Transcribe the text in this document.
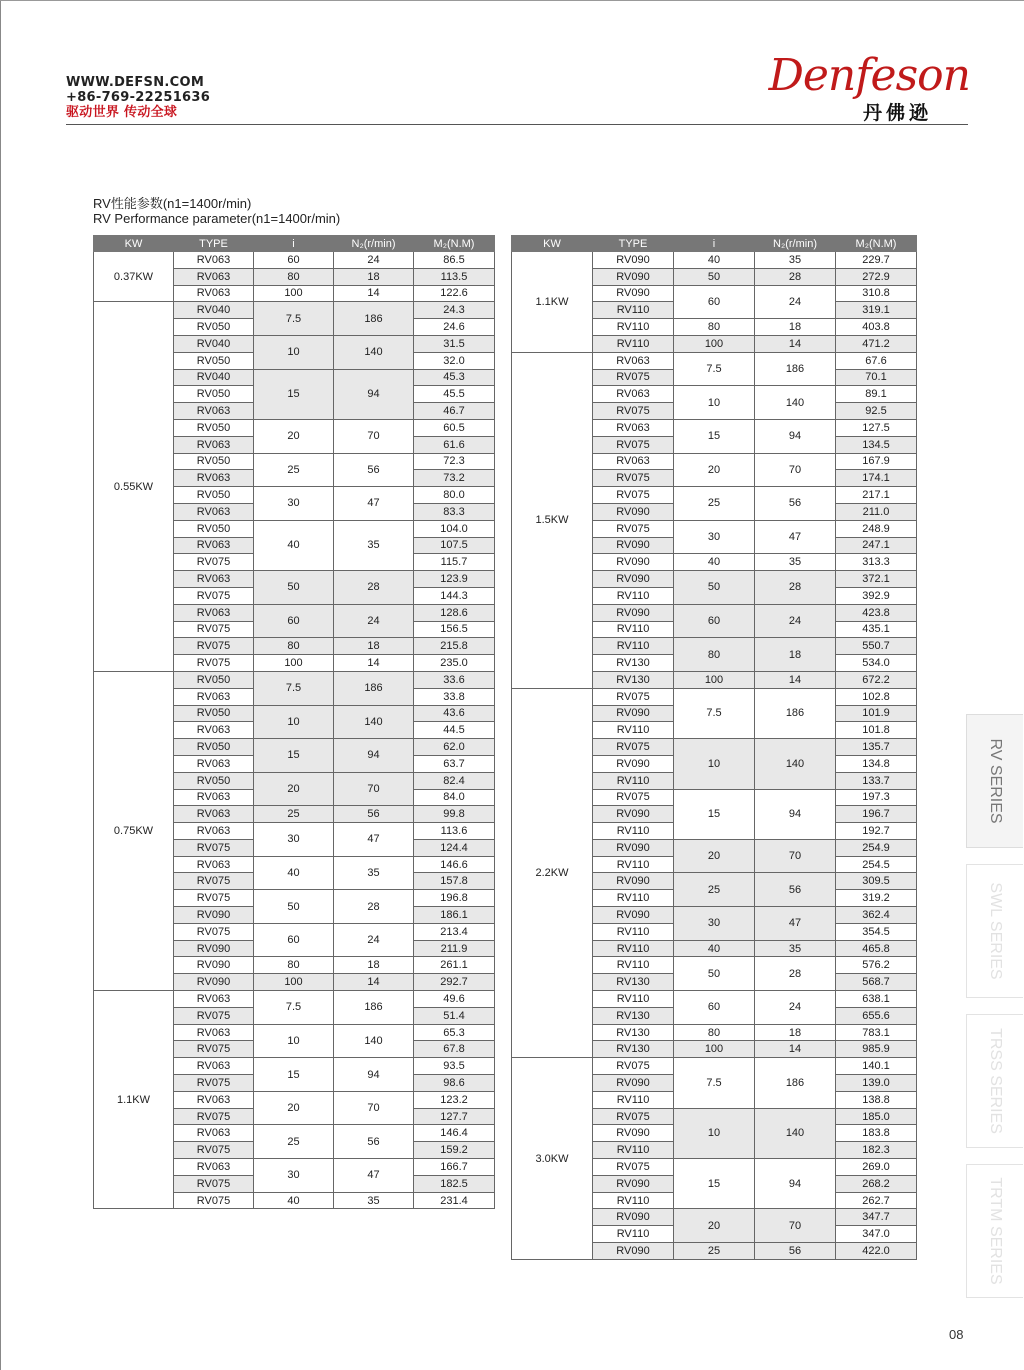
WWW.DEFSN.COM
+86-769-22251636
驱动世界 传动全球
Denfeson
丹佛逊
RV性能参数(n1=1400r/min)
RV Performance parameter(n1=1400r/min)
KW	TYPE	i	N₂(r/min)	M₂(N.M)
0.37KW	RV063	60	24	86.5
	RV063	80	18	113.5
	RV063	100	14	122.6
0.55KW	RV040	7.5	186	24.3
	RV050			24.6
	RV040	10	140	31.5
	RV050			32.0
	RV040	15	94	45.3
	RV050			45.5
	RV063			46.7
	RV050	20	70	60.5
	RV063			61.6
	RV050	25	56	72.3
	RV063			73.2
	RV050	30	47	80.0
	RV063			83.3
	RV050	40	35	104.0
	RV063			107.5
	RV075			115.7
	RV063	50	28	123.9
	RV075			144.3
	RV063	60	24	128.6
	RV075			156.5
	RV075	80	18	215.8
	RV075	100	14	235.0
0.75KW	RV050	7.5	186	33.6
	RV063			33.8
	RV050	10	140	43.6
	RV063			44.5
	RV050	15	94	62.0
	RV063			63.7
	RV050	20	70	82.4
	RV063			84.0
	RV063	25	56	99.8
	RV063	30	47	113.6
	RV075			124.4
	RV063	40	35	146.6
	RV075			157.8
	RV075	50	28	196.8
	RV090			186.1
	RV075	60	24	213.4
	RV090			211.9
	RV090	80	18	261.1
	RV090	100	14	292.7
1.1KW	RV063	7.5	186	49.6
	RV075			51.4
	RV063	10	140	65.3
	RV075			67.8
	RV063	15	94	93.5
	RV075			98.6
	RV063	20	70	123.2
	RV075			127.7
	RV063	25	56	146.4
	RV075			159.2
	RV063	30	47	166.7
	RV075			182.5
	RV075	40	35	231.4
KW	TYPE	i	N₂(r/min)	M₂(N.M)
1.1KW	RV090	40	35	229.7
	RV090	50	28	272.9
	RV090	60	24	310.8
	RV110			319.1
	RV110	80	18	403.8
	RV110	100	14	471.2
1.5KW	RV063	7.5	186	67.6
	RV075			70.1
	RV063	10	140	89.1
	RV075			92.5
	RV063	15	94	127.5
	RV075			134.5
	RV063	20	70	167.9
	RV075			174.1
	RV075	25	56	217.1
	RV090			211.0
	RV075	30	47	248.9
	RV090			247.1
	RV090	40	35	313.3
	RV090	50	28	372.1
	RV110			392.9
	RV090	60	24	423.8
	RV110			435.1
	RV110	80	18	550.7
	RV130			534.0
	RV130	100	14	672.2
2.2KW	RV075	7.5	186	102.8
	RV090			101.9
	RV110			101.8
	RV075	10	140	135.7
	RV090			134.8
	RV110			133.7
	RV075	15	94	197.3
	RV090			196.7
	RV110			192.7
	RV090	20	70	254.9
	RV110			254.5
	RV090	25	56	309.5
	RV110			319.2
	RV090	30	47	362.4
	RV110			354.5
	RV110	40	35	465.8
	RV110	50	28	576.2
	RV130			568.7
	RV110	60	24	638.1
	RV130			655.6
	RV130	80	18	783.1
	RV130	100	14	985.9
3.0KW	RV075	7.5	186	140.1
	RV090			139.0
	RV110			138.8
	RV075	10	140	185.0
	RV090			183.8
	RV110			182.3
	RV075	15	94	269.0
	RV090			268.2
	RV110			262.7
	RV090	20	70	347.7
	RV110			347.0
	RV090	25	56	422.0
RV SERIES
SWL SERIES
TRSS SERIES
TRTM SERIES
08
